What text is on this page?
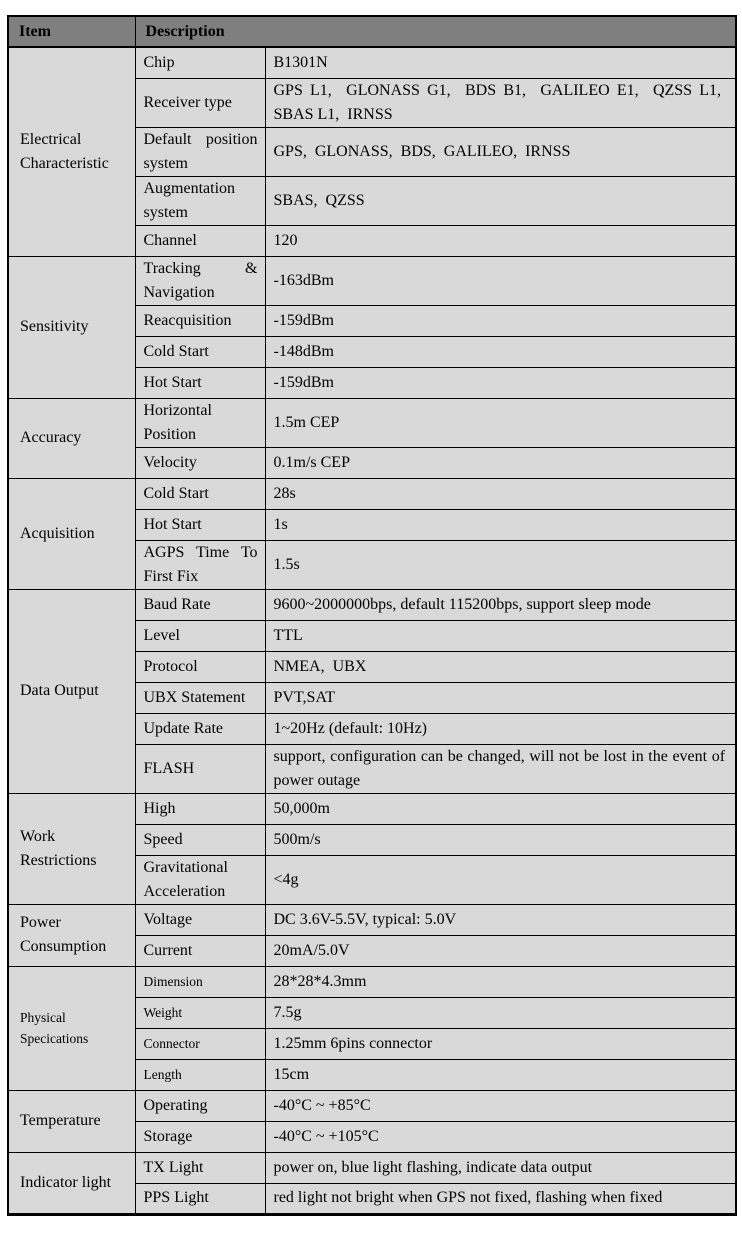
Item	Description	
Electrical Characteristic	Chip	B1301N
	Receiver type	GPS L1,  GLONASS G1,  BDS B1,  GALILEO E1,  QZSS L1,  SBAS L1,  IRNSS
	Default position system	GPS,  GLONASS,  BDS,  GALILEO,  IRNSS
	Augmentation system	SBAS,  QZSS
	Channel	120
Sensitivity	Tracking & Navigation	-163dBm
	Reacquisition	-159dBm
	Cold Start	-148dBm
	Hot Start	-159dBm
Accuracy	Horizontal Position	1.5m CEP
	Velocity	0.1m/s CEP
Acquisition	Cold Start	28s
	Hot Start	1s
	AGPS Time To First Fix	1.5s
Data Output	Baud Rate	9600~2000000bps, default 115200bps, support sleep mode
	Level	TTL
	Protocol	NMEA,  UBX
	UBX Statement	PVT,SAT
	Update Rate	1~20Hz (default: 10Hz)
	FLASH	support, configuration can be changed, will not be lost in the event of power outage
Work Restrictions	High	50,000m
	Speed	500m/s
	Gravitational Acceleration	<4g
Power Consumption	Voltage	DC 3.6V-5.5V, typical: 5.0V
	Current	20mA/5.0V
Physical Specications	Dimension	28*28*4.3mm
	Weight	7.5g
	Connector	1.25mm 6pins connector
	Length	15cm
Temperature	Operating	-40°C ~ +85°C
	Storage	-40°C ~ +105°C
Indicator light	TX Light	power on, blue light flashing, indicate data output
	PPS Light	red light not bright when GPS not fixed, flashing when fixed
